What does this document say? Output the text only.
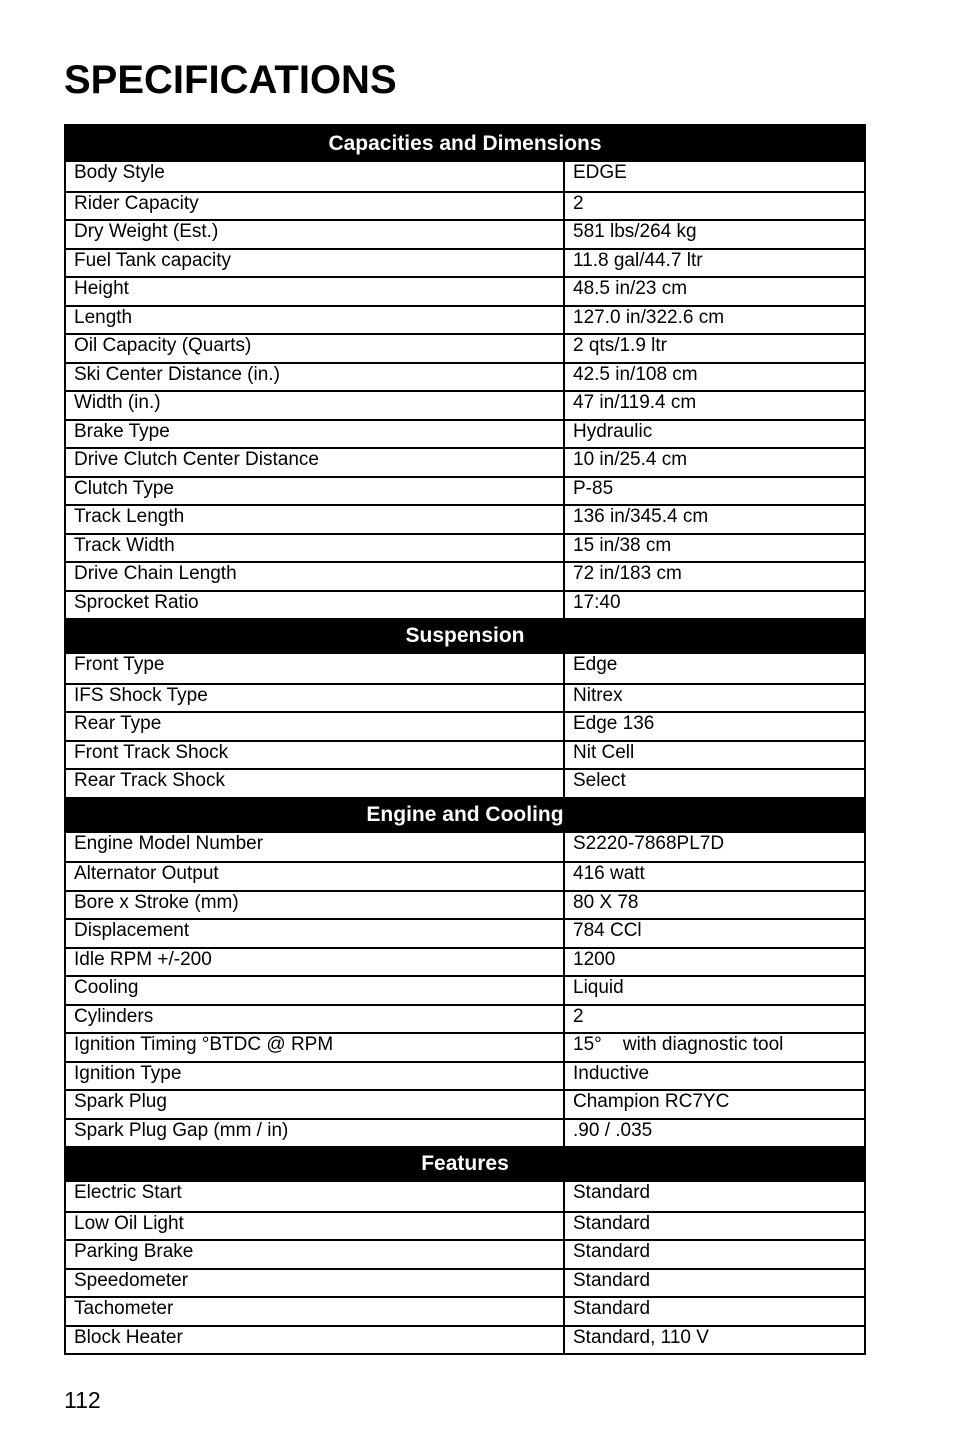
SPECIFICATIONS
Capacities and Dimensions
Body Style	EDGE
Rider Capacity	2
Dry Weight (Est.)	581 lbs/264 kg
Fuel Tank capacity	11.8 gal/44.7 ltr
Height	48.5 in/23 cm
Length	127.0 in/322.6 cm
Oil Capacity (Quarts)	2 qts/1.9 ltr
Ski Center Distance (in.)	42.5 in/108 cm
Width (in.)	47 in/119.4 cm
Brake Type	Hydraulic
Drive Clutch Center Distance	10 in/25.4 cm
Clutch Type	P-85
Track Length	136 in/345.4 cm
Track Width	15 in/38 cm
Drive Chain Length	72 in/183 cm
Sprocket Ratio	17:40
Suspension
Front Type	Edge
IFS Shock Type	Nitrex
Rear Type	Edge 136
Front Track Shock	Nit Cell
Rear Track Shock	Select
Engine and Cooling
Engine Model Number	S2220-7868PL7D
Alternator Output	416 watt
Bore x Stroke (mm)	80 X 78
Displacement	784 CCl
Idle RPM +/-200	1200
Cooling	Liquid
Cylinders	2
Ignition Timing °BTDC @ RPM	15°    with diagnostic tool
Ignition Type	Inductive
Spark Plug	Champion RC7YC
Spark Plug Gap (mm / in)	.90 / .035
Features
Electric Start	Standard
Low Oil Light	Standard
Parking Brake	Standard
Speedometer	Standard
Tachometer	Standard
Block Heater	Standard, 110 V
112
